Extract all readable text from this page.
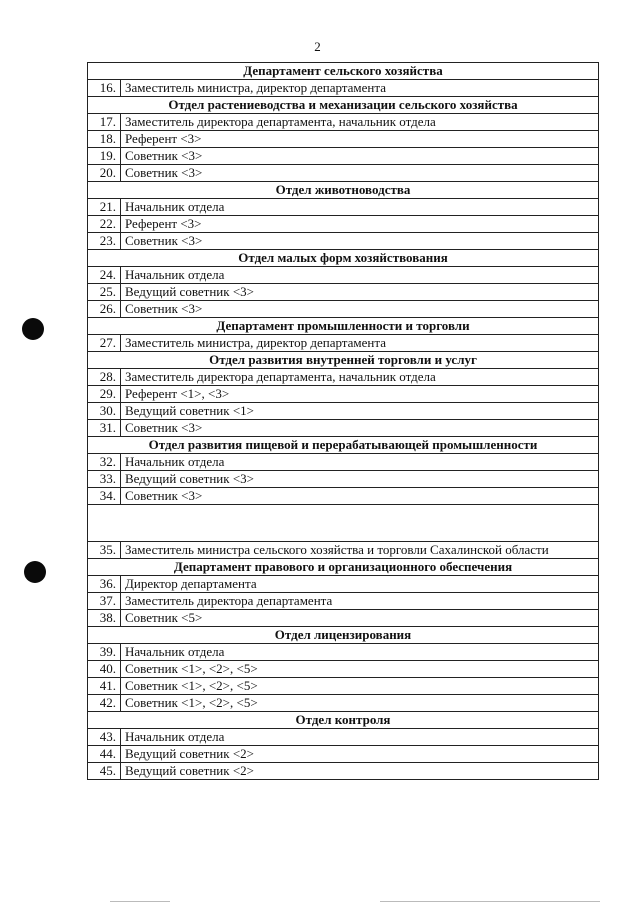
2
Департамент сельского хозяйства	
16.	Заместитель министра, директор департамента
Отдел растениеводства и механизации сельского хозяйства	
17.	Заместитель директора департамента, начальник отдела
18.	Референт <3>
19.	Советник <3>
20.	Советник <3>
Отдел животноводства	
21.	Начальник отдела
22.	Референт <3>
23.	Советник <3>
Отдел малых форм хозяйствования	
24.	Начальник отдела
25.	Ведущий советник <3>
26.	Советник <3>
Департамент промышленности и торговли	
27.	Заместитель министра, директор департамента
Отдел развития внутренней торговли и услуг	
28.	Заместитель директора департамента, начальник отдела
29.	Референт <1>, <3>
30.	Ведущий советник <1>
31.	Советник <3>
Отдел развития пищевой и перерабатывающей промышленности	
32.	Начальник отдела
33.	Ведущий советник <3>
34.	Советник <3>

35.	Заместитель министра сельского хозяйства и торговли Сахалинской области
Департамент правового и организационного обеспечения	
36.	Директор департамента
37.	Заместитель директора департамента
38.	Советник <5>
Отдел лицензирования	
39.	Начальник отдела
40.	Советник <1>, <2>, <5>
41.	Советник <1>, <2>, <5>
42.	Советник <1>, <2>, <5>
Отдел контроля	
43.	Начальник отдела
44.	Ведущий советник <2>
45.	Ведущий советник <2>
